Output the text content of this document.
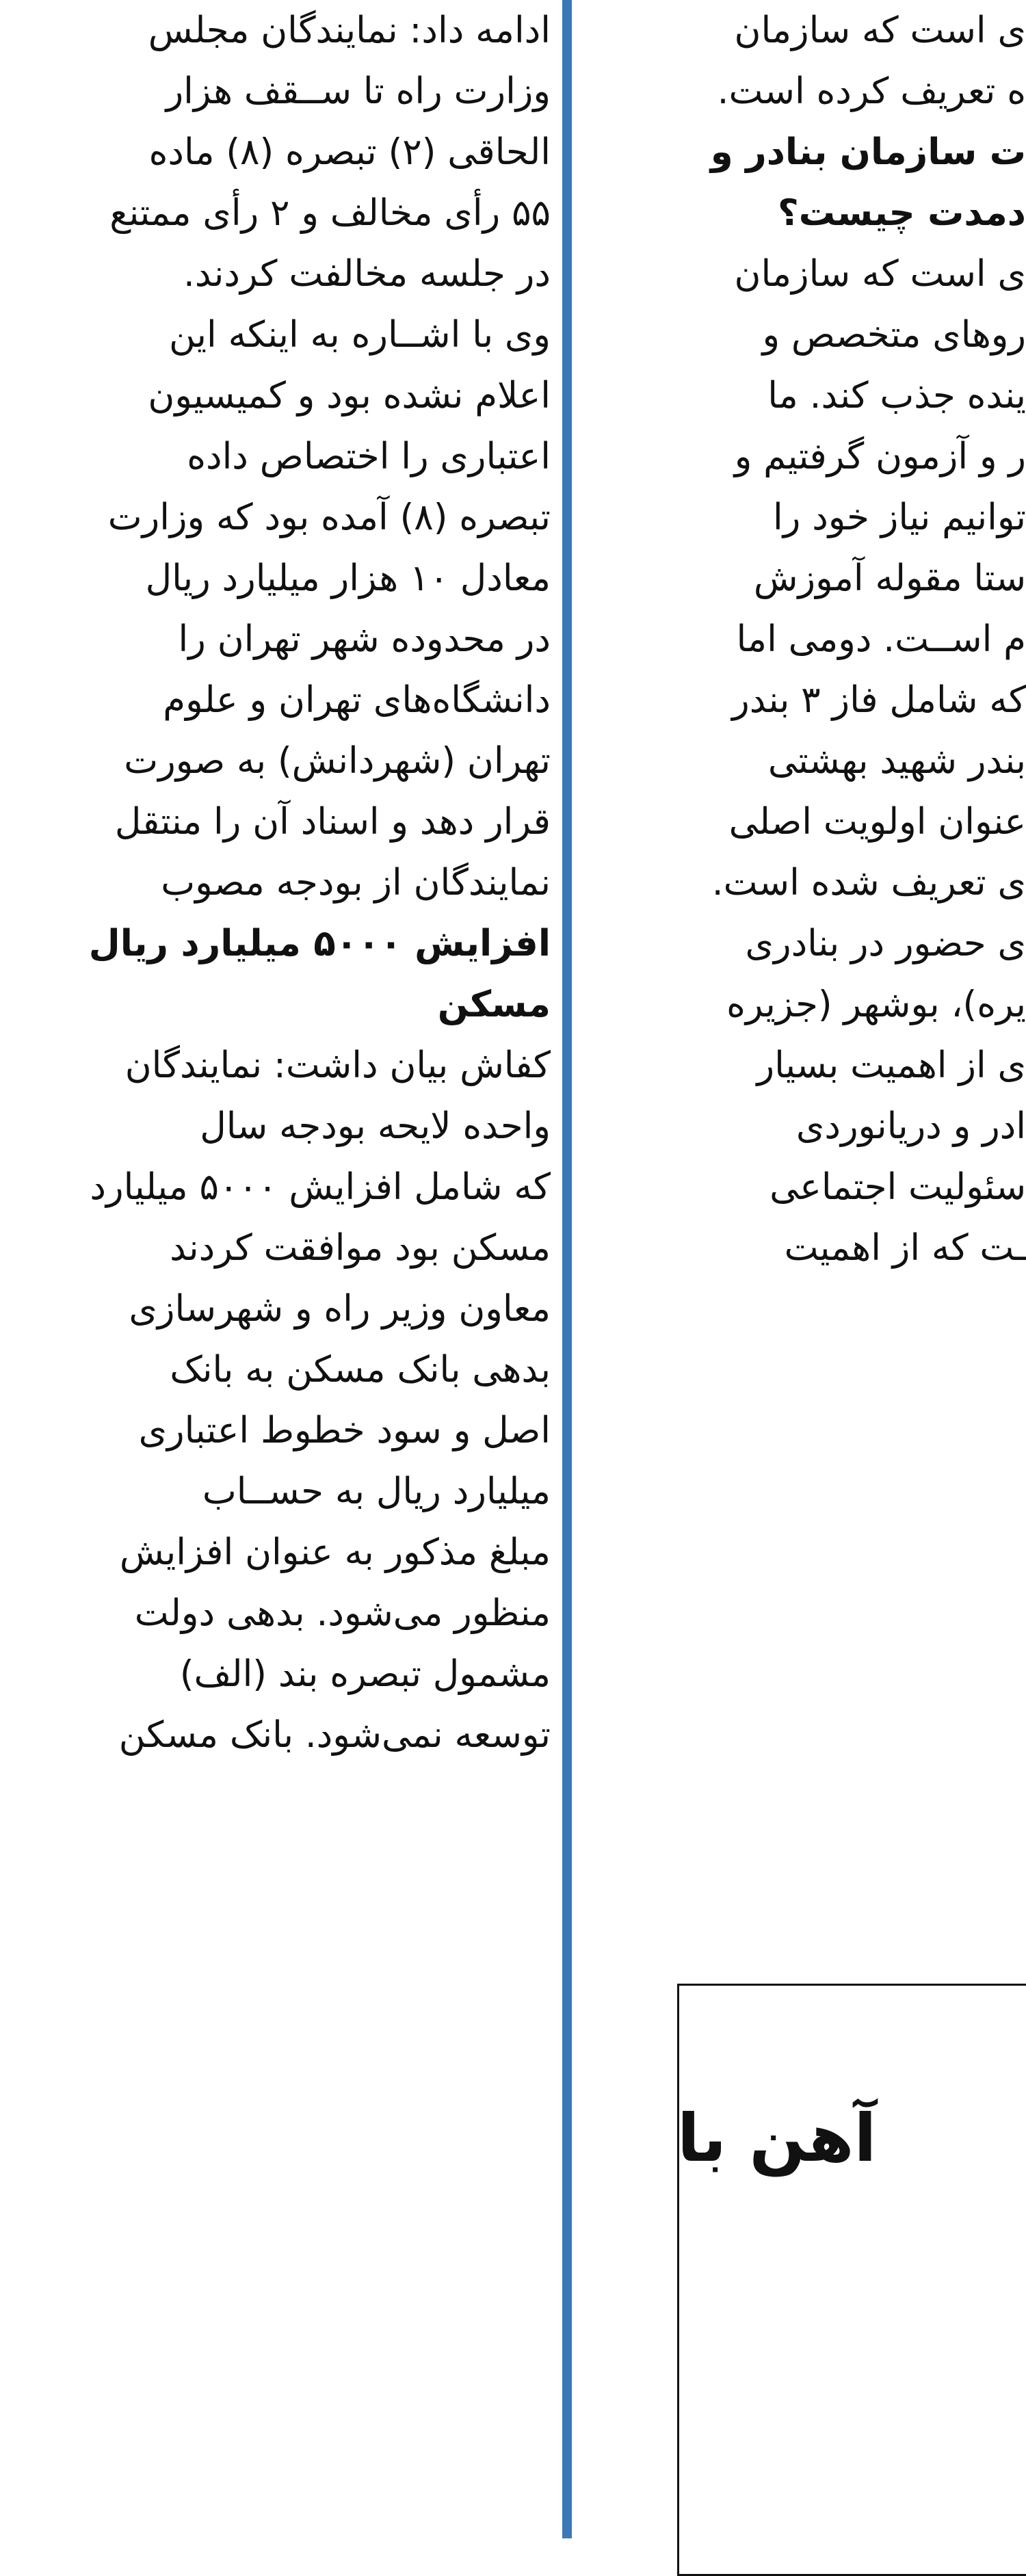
ادامه داد: نمایندگان مجلس
وزارت راه تا ســقف هزار
الحاقی (۲) تبصره (۸) ماده
۵۵ رأی مخالف و ۲ رأی ممتنع
در جلسه مخالفت کردند.
وی با اشــاره به اینکه این
اعلام نشده بود و کمیسیون
اعتباری را اختصاص داده
تبصره (۸) آمده بود که وزارت
معادل ۱۰ هزار میلیارد ریال
در محدوده شهر تهران را
دانشگاه‌های تهران و علوم
تهران (شهردانش) به صورت
قرار دهد و اسناد آن را منتقل
نمایندگان از بودجه مصوب
افزایش ۵۰۰۰ میلیارد ریال
مسکن
کفاش بیان داشت: نمایندگان
واحده لایحه بودجه سال
که شامل افزایش ۵۰۰۰ میلیارد
مسکن بود موافقت کردند
معاون وزیر راه و شهرسازی
بدهی بانک مسکن به بانک
اصل و سود خطوط اعتباری
میلیارد ریال به حســاب
مبلغ مذکور به عنوان افزایش
منظور می‌شود. بدهی دولت
مشمول تبصره بند (الف)
توسعه نمی‌شود. بانک مسکن
ی است که سازمان
ه تعریف کرده است.
ت سازمان بنادر و
دمدت چیست؟
ی است که سازمان
روهای متخصص و
ینده جذب کند. ما
ر و آزمون گرفتیم و
توانیم نیاز خود را
ستا مقوله آموزش
م اســت. دومی اما
که شامل فاز ۳ بندر
بندر شهید بهشتی
عنوان اولویت اصلی
ی تعریف شده است.
ی حضور در بنادری
یره)، بوشهر (جزیره
ی از اهمیت بسیار
ادر و دریانوردی
سئولیت اجتماعی
ـت که از اهمیت
آهن با
